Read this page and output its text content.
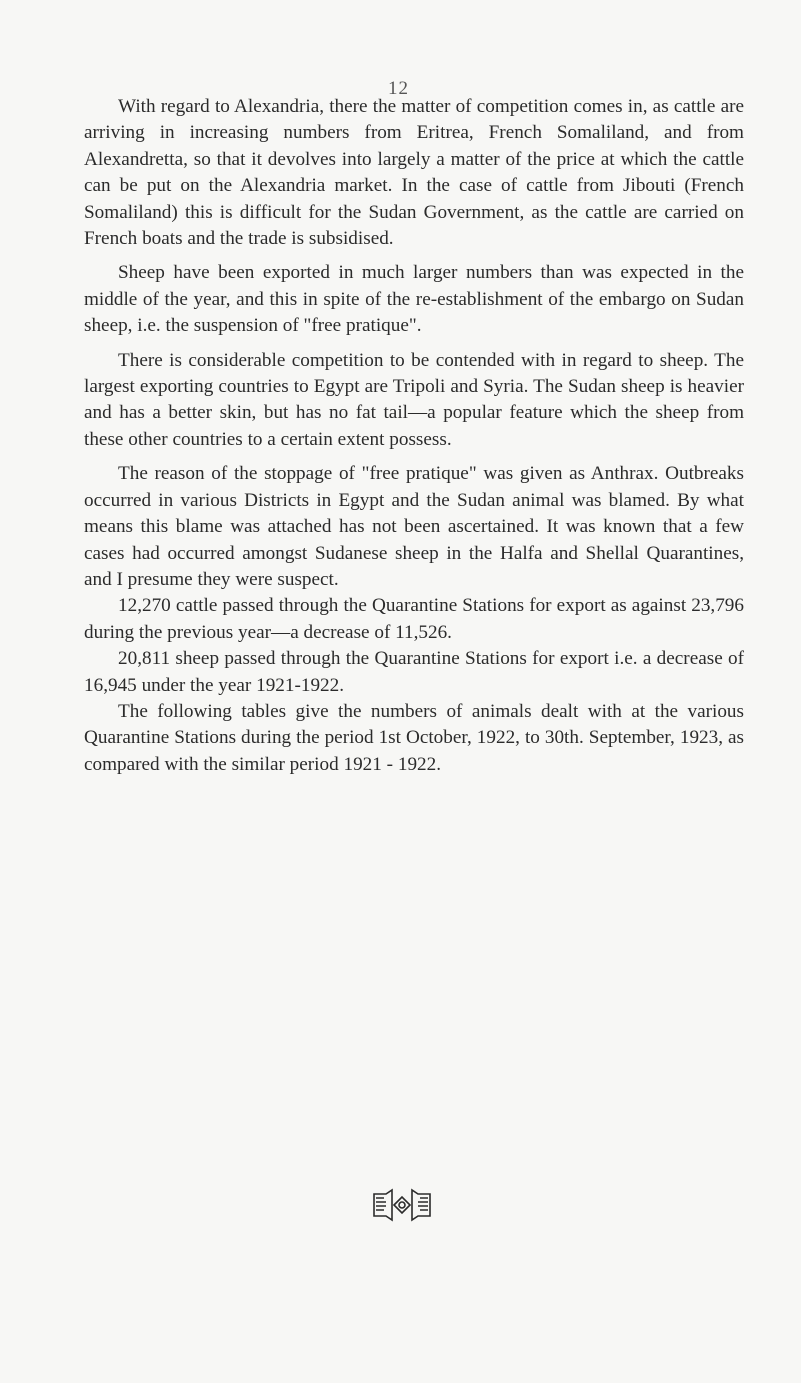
12

With regard to Alexandria, there the matter of competition comes in, as cattle are arriving in increasing numbers from Eritrea, French Somaliland, and from Alexandretta, so that it devolves into largely a matter of the price at which the cattle can be put on the Alexandria market. In the case of cattle from Jibouti (French Somaliland) this is difficult for the Sudan Government, as the cattle are carried on French boats and the trade is subsidised.

Sheep have been exported in much larger numbers than was expected in the middle of the year, and this in spite of the re-establishment of the embargo on Sudan sheep, i.e. the suspension of "free pratique".

There is considerable competition to be contended with in regard to sheep. The largest exporting countries to Egypt are Tripoli and Syria. The Sudan sheep is heavier and has a better skin, but has no fat tail—a popular feature which the sheep from these other countries to a certain extent possess.

The reason of the stoppage of "free pratique" was given as Anthrax. Outbreaks occurred in various Districts in Egypt and the Sudan animal was blamed. By what means this blame was attached has not been ascertained. It was known that a few cases had occurred amongst Sudanese sheep in the Halfa and Shellal Quarantines, and I presume they were suspect.

12,270 cattle passed through the Quarantine Stations for export as against 23,796 during the previous year—a decrease of 11,526.

20,811 sheep passed through the Quarantine Stations for export i.e. a decrease of 16,945 under the year 1921-1922.

The following tables give the numbers of animals dealt with at the various Quarantine Stations during the period 1st October, 1922, to 30th. September, 1923, as compared with the similar period 1921 - 1922.
